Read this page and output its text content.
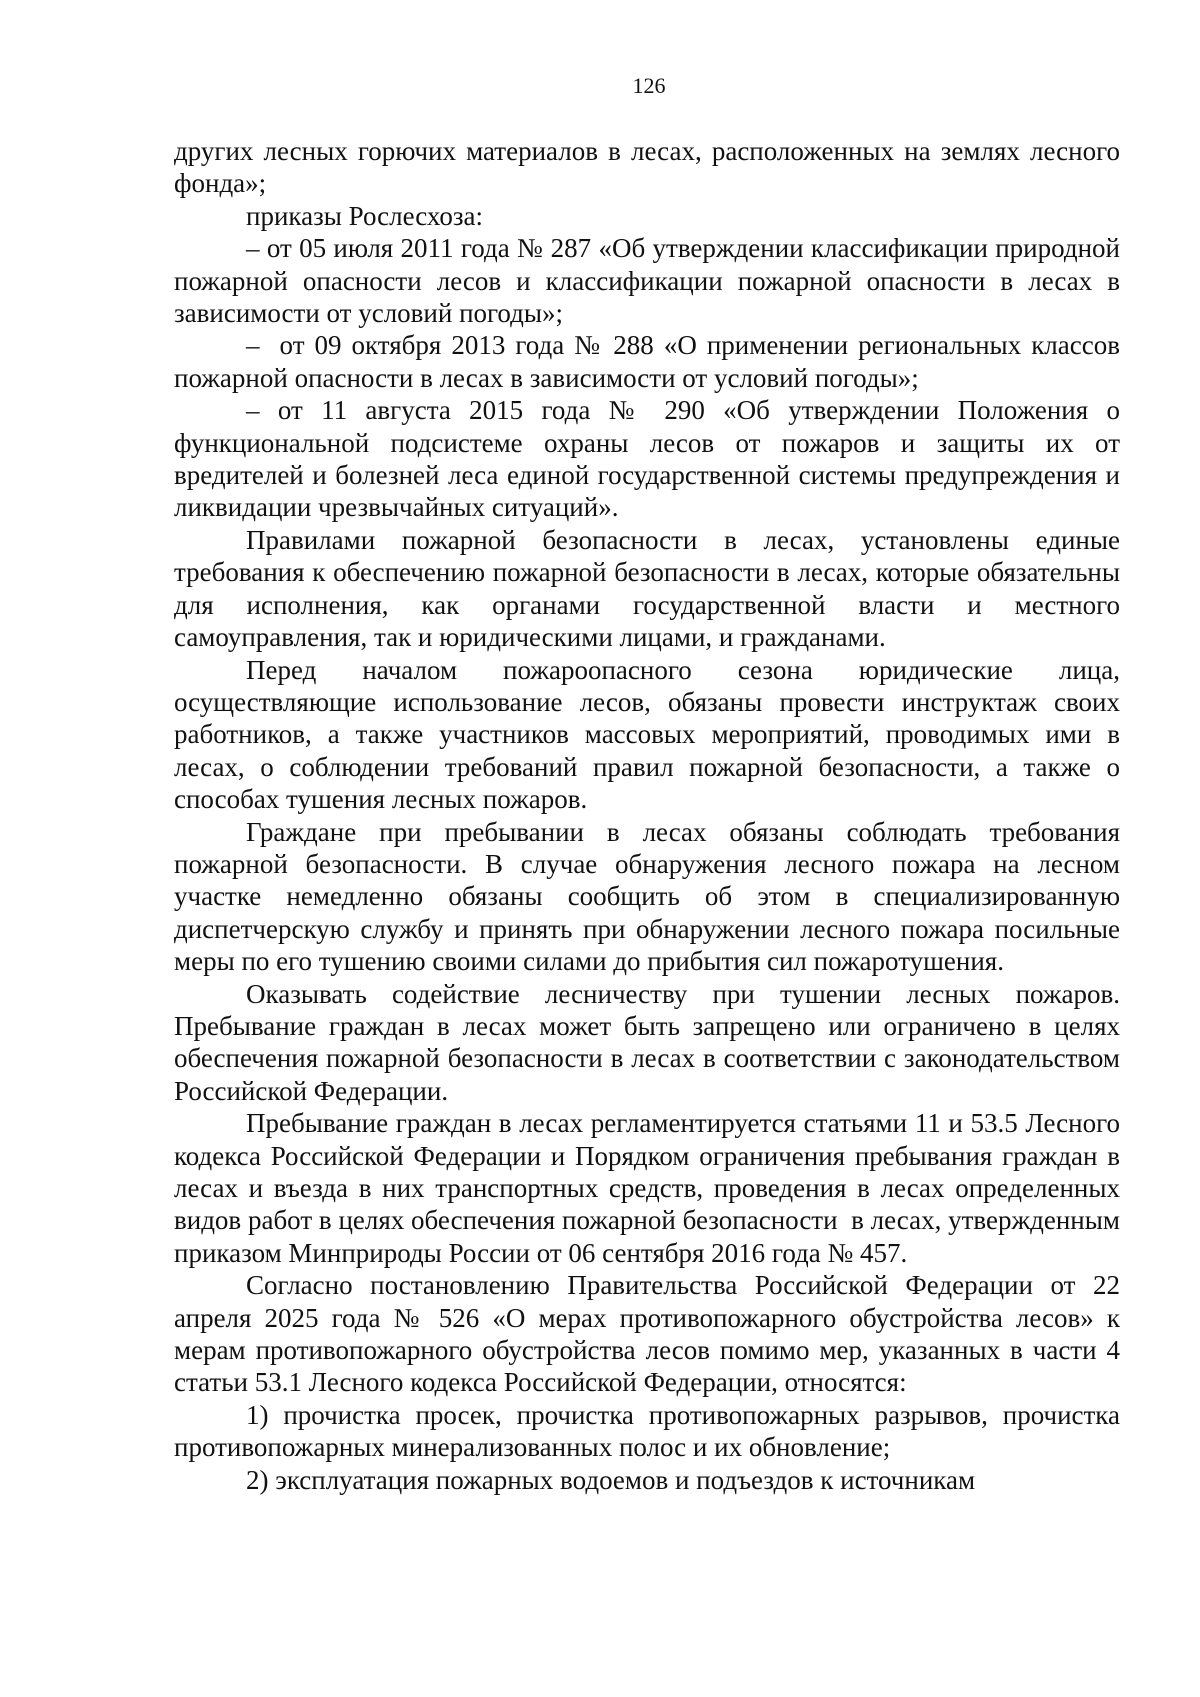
126

других лесных горючих материалов в лесах, расположенных на землях лесного фонда»;

приказы Рослесхоза:

– от 05 июля 2011 года № 287 «Об утверждении классификации природной пожарной опасности лесов и классификации пожарной опасности в лесах в зависимости от условий погоды»;

–  от 09 октября 2013 года № 288 «О применении региональных классов пожарной опасности в лесах в зависимости от условий погоды»;

– от 11 августа 2015 года № 290 «Об утверждении Положения о функциональной подсистеме охраны лесов от пожаров и защиты их от вредителей и болезней леса единой государственной системы предупреждения и ликвидации чрезвычайных ситуаций».

Правилами пожарной безопасности в лесах, установлены единые требования к обеспечению пожарной безопасности в лесах, которые обязательны для исполнения, как органами государственной власти и местного самоуправления, так и юридическими лицами, и гражданами.

Перед началом пожароопасного сезона юридические лица, осуществляющие использование лесов, обязаны провести инструктаж своих работников, а также участников массовых мероприятий, проводимых ими в лесах, о соблюдении требований правил пожарной безопасности, а также о способах тушения лесных пожаров.

Граждане при пребывании в лесах обязаны соблюдать требования пожарной безопасности. В случае обнаружения лесного пожара на лесном участке немедленно обязаны сообщить об этом в специализированную диспетчерскую службу и принять при обнаружении лесного пожара посильные меры по его тушению своими силами до прибытия сил пожаротушения.

Оказывать содействие лесничеству при тушении лесных пожаров. Пребывание граждан в лесах может быть запрещено или ограничено в целях обеспечения пожарной безопасности в лесах в соответствии с законодательством Российской Федерации.

Пребывание граждан в лесах регламентируется статьями 11 и 53.5 Лесного кодекса Российской Федерации и Порядком ограничения пребывания граждан в лесах и въезда в них транспортных средств, проведения в лесах определенных видов работ в целях обеспечения пожарной безопасности  в лесах, утвержденным приказом Минприроды России от 06 сентября 2016 года № 457.

Согласно постановлению Правительства Российской Федерации от 22 апреля 2025 года № 526 «О мерах противопожарного обустройства лесов» к мерам противопожарного обустройства лесов помимо мер, указанных в части 4 статьи 53.1 Лесного кодекса Российской Федерации, относятся:

1) прочистка просек, прочистка противопожарных разрывов, прочистка противопожарных минерализованных полос и их обновление;

2) эксплуатация пожарных водоемов и подъездов к источникам
